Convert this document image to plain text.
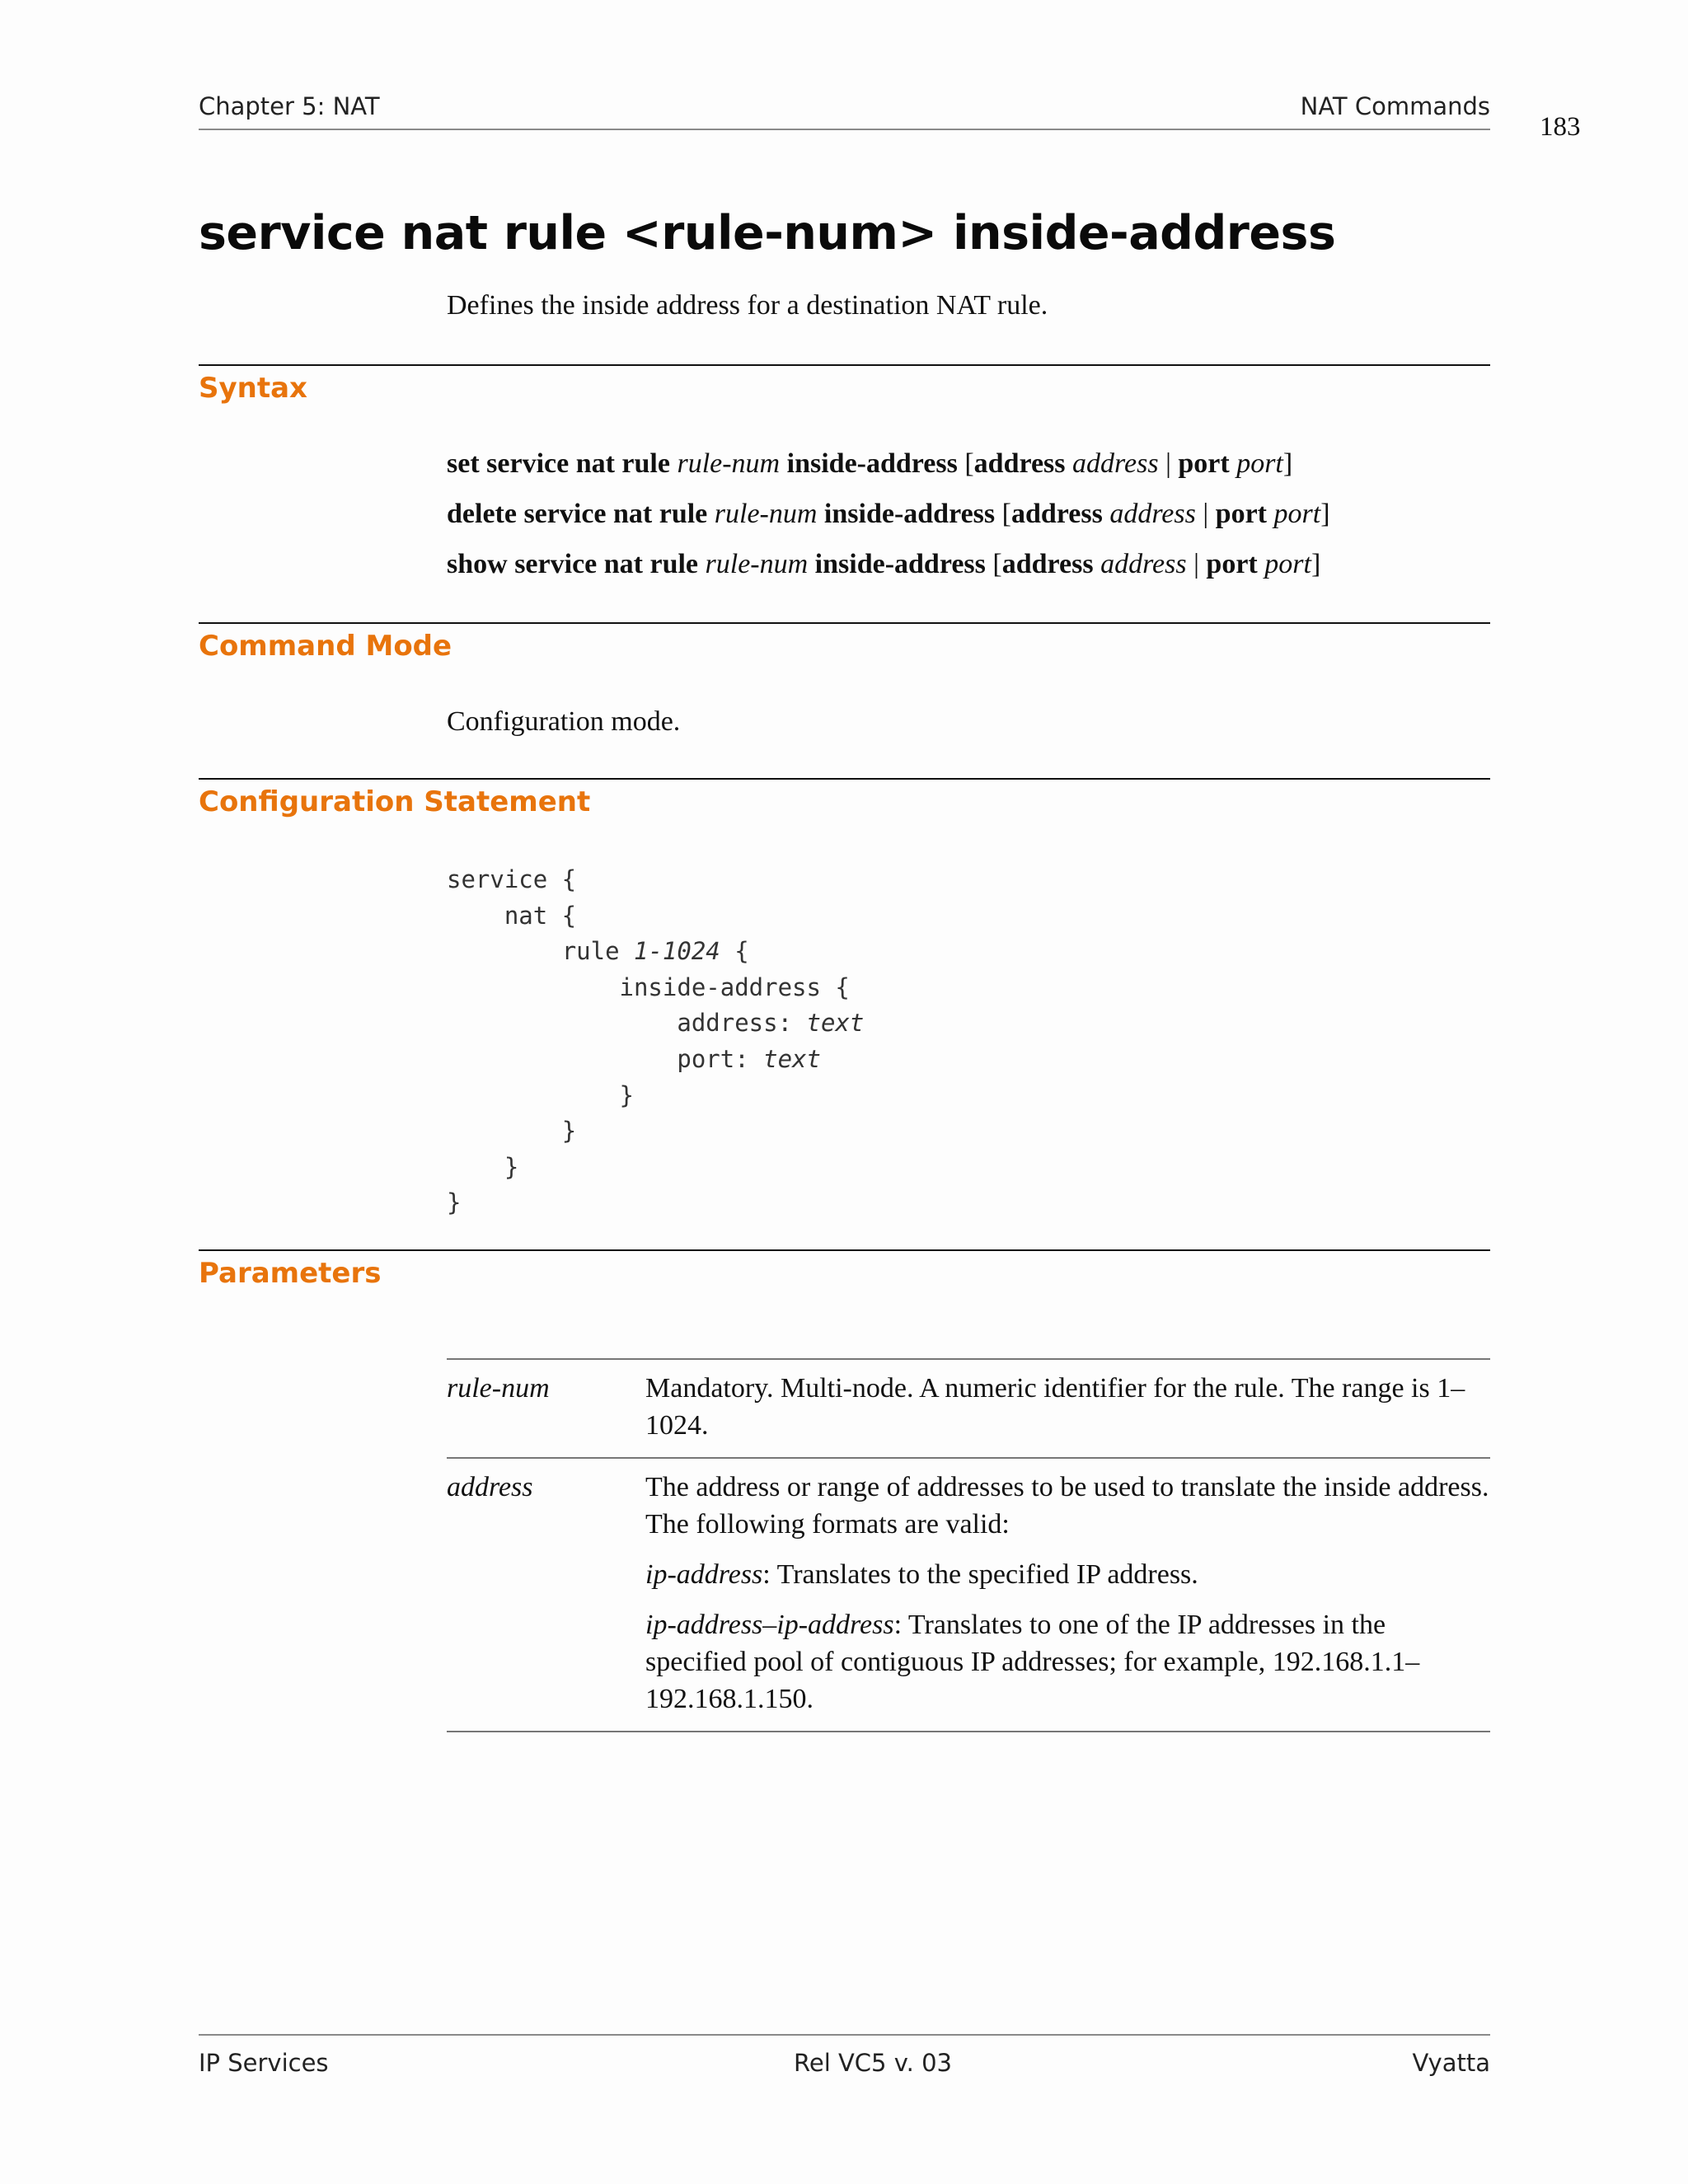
Chapter 5: NAT	NAT Commands
183
service nat rule <rule-num> inside-address
Defines the inside address for a destination NAT rule.
Syntax
set service nat rule rule-num inside-address [address address | port port]
delete service nat rule rule-num inside-address [address address | port port]
show service nat rule rule-num inside-address [address address | port port]
Command Mode
Configuration mode.
Configuration Statement
service {
nat {
rule 1-1024 {
inside-address {
address: text
port: text
}
}
}
}
Parameters
rule-num	Mandatory. Multi-node. A numeric identifier for the rule. The range is 1–1024.

address	The address or range of addresses to be used to translate the inside address. The following formats are valid:

ip-address: Translates to the specified IP address.

ip-address–ip-address: Translates to one of the IP addresses in the specified pool of contiguous IP addresses; for example, 192.168.1.1–192.168.1.150.

IP Services	Rel VC5 v. 03	Vyatta
